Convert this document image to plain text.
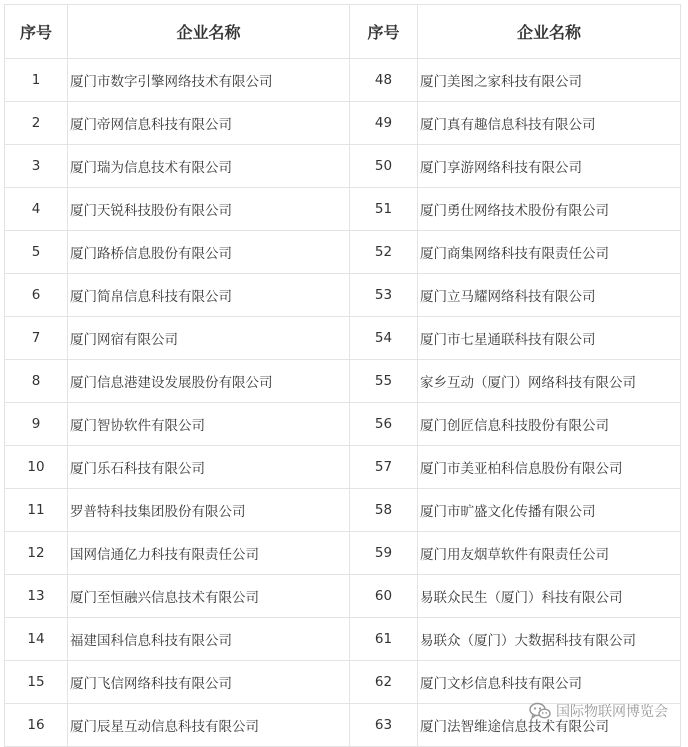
序号	企业名称	序号	企业名称
1	厦门市数字引擎网络技术有限公司	48	厦门美图之家科技有限公司
2	厦门帝网信息科技有限公司	49	厦门真有趣信息科技有限公司
3	厦门瑞为信息技术有限公司	50	厦门享游网络科技有限公司
4	厦门天锐科技股份有限公司	51	厦门勇仕网络技术股份有限公司
5	厦门路桥信息股份有限公司	52	厦门商集网络科技有限责任公司
6	厦门简帛信息科技有限公司	53	厦门立马耀网络科技有限公司
7	厦门网宿有限公司	54	厦门市七星通联科技有限公司
8	厦门信息港建设发展股份有限公司	55	家乡互动（厦门）网络科技有限公司
9	厦门智协软件有限公司	56	厦门创匠信息科技股份有限公司
10	厦门乐石科技有限公司	57	厦门市美亚柏科信息股份有限公司
11	罗普特科技集团股份有限公司	58	厦门市旷盛文化传播有限公司
12	国网信通亿力科技有限责任公司	59	厦门用友烟草软件有限责任公司
13	厦门至恒融兴信息技术有限公司	60	易联众民生（厦门）科技有限公司
14	福建国科信息科技有限公司	61	易联众（厦门）大数据科技有限公司
15	厦门飞信网络科技有限公司	62	厦门文杉信息科技有限公司
16	厦门辰星互动信息科技有限公司	63	厦门法智维途信息技术有限公司
国际物联网博览会
